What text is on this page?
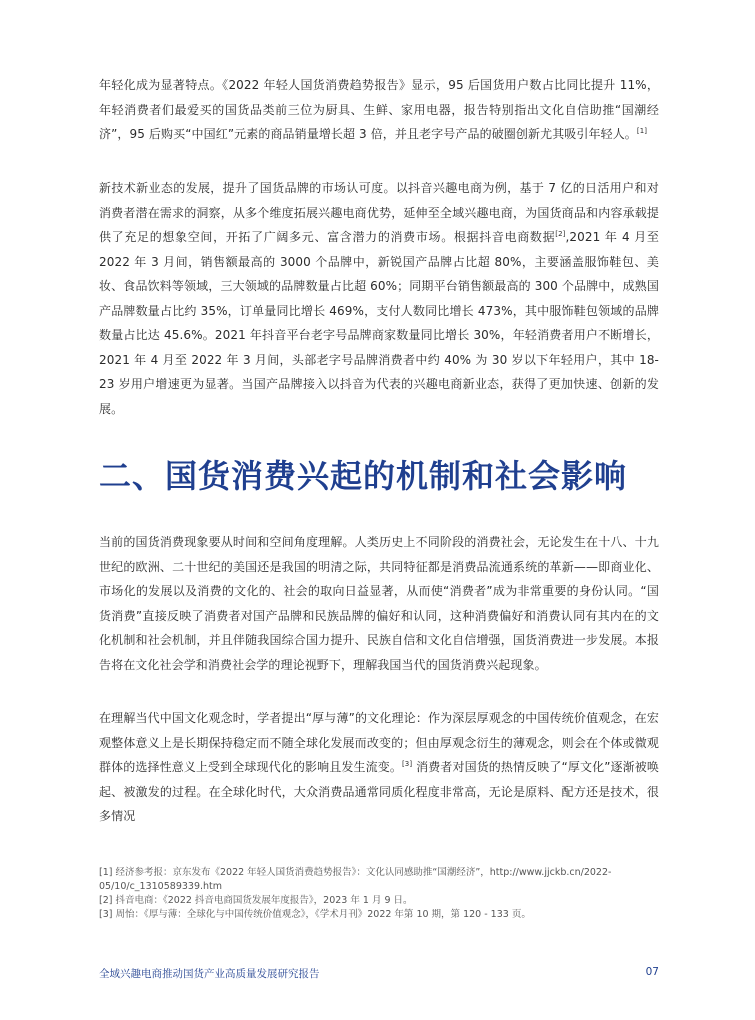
年轻化成为显著特点。《2022 年轻人国货消费趋势报告》显示，95 后国货用户数占比同比提升 11%，年轻消费者们最爱买的国货品类前三位为厨具、生鲜、家用电器，报告特别指出文化自信助推“国潮经济”，95 后购买“中国红”元素的商品销量增长超 3 倍，并且老字号产品的破圈创新尤其吸引年轻人。[1]

新技术新业态的发展，提升了国货品牌的市场认可度。以抖音兴趣电商为例，基于 7 亿的日活用户和对消费者潜在需求的洞察，从多个维度拓展兴趣电商优势，延伸至全域兴趣电商，为国货商品和内容承载提供了充足的想象空间，开拓了广阔多元、富含潜力的消费市场。根据抖音电商数据[2],2021 年 4 月至 2022 年 3 月间，销售额最高的 3000 个品牌中，新锐国产品牌占比超 80%，主要涵盖服饰鞋包、美妆、食品饮料等领域，三大领域的品牌数量占比超 60%；同期平台销售额最高的 300 个品牌中，成熟国产品牌数量占比约 35%，订单量同比增长 469%，支付人数同比增长 473%，其中服饰鞋包领域的品牌数量占比达 45.6%。2021 年抖音平台老字号品牌商家数量同比增长 30%，年轻消费者用户不断增长，2021 年 4 月至 2022 年 3 月间，头部老字号品牌消费者中约 40% 为 30 岁以下年轻用户，其中 18-23 岁用户增速更为显著。当国产品牌接入以抖音为代表的兴趣电商新业态，获得了更加快速、创新的发展。

二、国货消费兴起的机制和社会影响

当前的国货消费现象要从时间和空间角度理解。人类历史上不同阶段的消费社会，无论发生在十八、十九世纪的欧洲、二十世纪的美国还是我国的明清之际，共同特征都是消费品流通系统的革新——即商业化、市场化的发展以及消费的文化的、社会的取向日益显著，从而使“消费者”成为非常重要的身份认同。“国货消费”直接反映了消费者对国产品牌和民族品牌的偏好和认同，这种消费偏好和消费认同有其内在的文化机制和社会机制，并且伴随我国综合国力提升、民族自信和文化自信增强，国货消费进一步发展。本报告将在文化社会学和消费社会学的理论视野下，理解我国当代的国货消费兴起现象。

在理解当代中国文化观念时，学者提出“厚与薄”的文化理论：作为深层厚观念的中国传统价值观念，在宏观整体意义上是长期保持稳定而不随全球化发展而改变的；但由厚观念衍生的薄观念，则会在个体或微观群体的选择性意义上受到全球现代化的影响且发生流变。[3] 消费者对国货的热情反映了“厚文化”逐渐被唤起、被激发的过程。在全球化时代，大众消费品通常同质化程度非常高，无论是原料、配方还是技术，很多情况

[1] 经济参考报：京东发布《2022 年轻人国货消费趋势报告》：文化认同感助推“国潮经济”，http://www.jjckb.cn/2022-05/10/c_1310589339.htm
[2] 抖音电商：《2022 抖音电商国货发展年度报告》，2023 年 1 月 9 日。
[3] 周怡：《厚与薄：全球化与中国传统价值观念》，《学术月刊》2022 年第 10 期，第 120 - 133 页。
全域兴趣电商推动国货产业高质量发展研究报告	07
